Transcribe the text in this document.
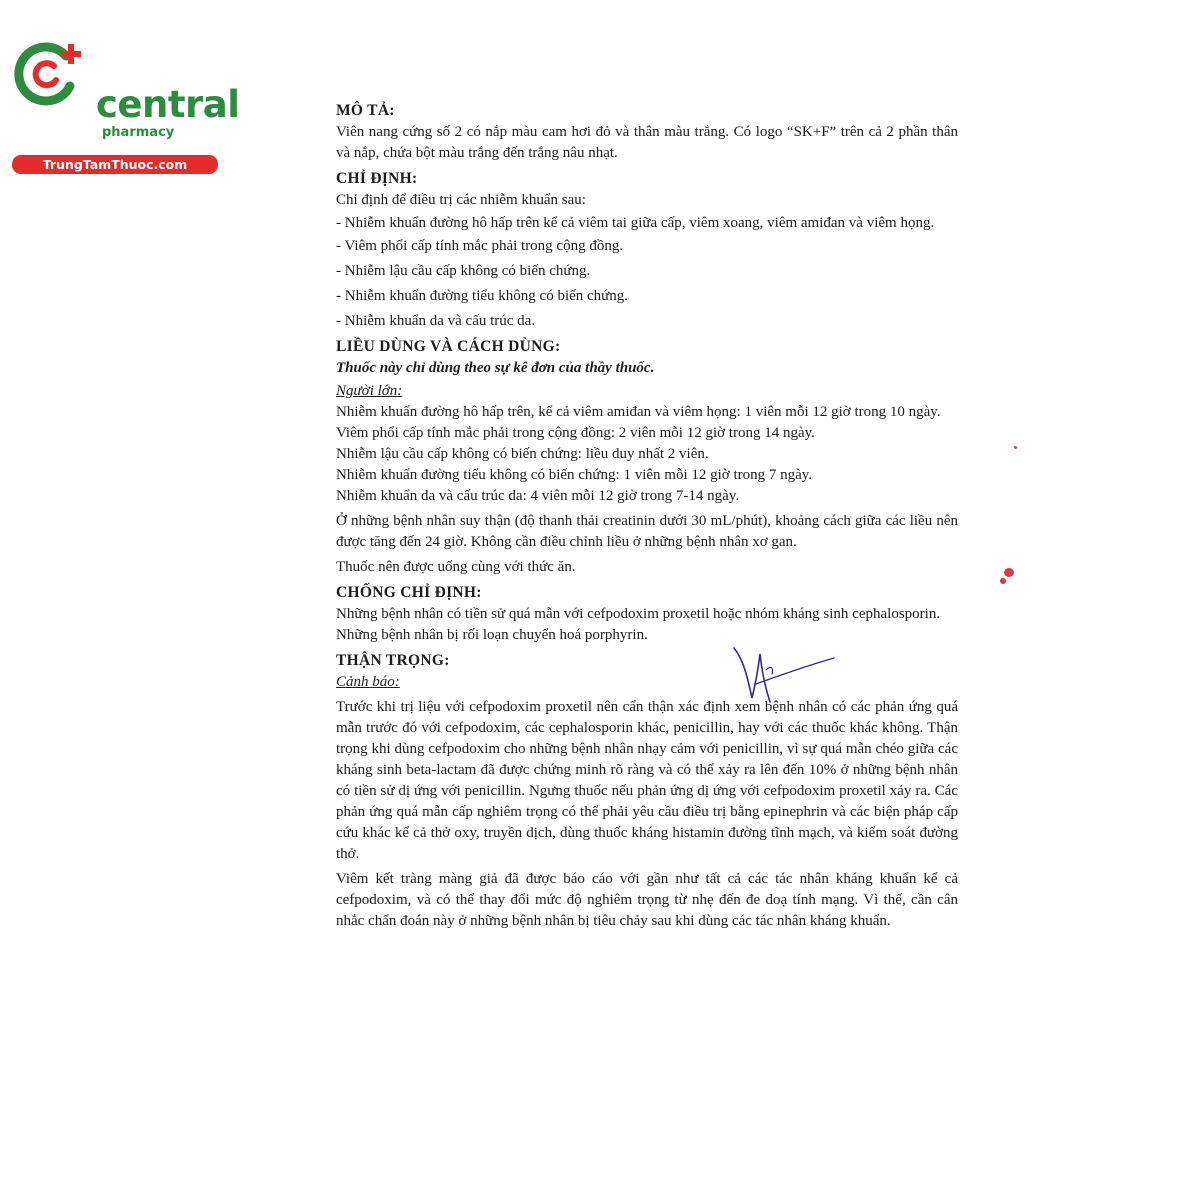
central
pharmacy
TrungTamThuoc.com

MÔ TẢ:

Viên nang cứng số 2 có nắp màu cam hơi đỏ và thân màu trắng. Có logo “SK+F” trên cả 2 phần thân và nắp, chứa bột màu trắng đến trắng nâu nhạt.

CHỈ ĐỊNH:

Chỉ định để điều trị các nhiễm khuẩn sau:

- Nhiễm khuẩn đường hô hấp trên kể cả viêm tai giữa cấp, viêm xoang, viêm amiđan và viêm họng.

- Viêm phổi cấp tính mắc phải trong cộng đồng.

- Nhiễm lậu cầu cấp không có biến chứng.

- Nhiễm khuẩn đường tiểu không có biến chứng.

- Nhiễm khuẩn da và cấu trúc da.

LIỀU DÙNG VÀ CÁCH DÙNG:

Thuốc này chỉ dùng theo sự kê đơn của thầy thuốc.

Người lớn:

Nhiễm khuẩn đường hô hấp trên, kể cả viêm amiđan và viêm họng: 1 viên mỗi 12 giờ trong 10 ngày.

Viêm phổi cấp tính mắc phải trong cộng đồng: 2 viên mỗi 12 giờ trong 14 ngày.

Nhiễm lậu cầu cấp không có biến chứng: liều duy nhất 2 viên.

Nhiễm khuẩn đường tiểu không có biến chứng: 1 viên mỗi 12 giờ trong 7 ngày.

Nhiễm khuẩn da và cấu trúc da: 4 viên mỗi 12 giờ trong 7-14 ngày.

Ở những bệnh nhân suy thận (độ thanh thải creatinin dưới 30 mL/phút), khoảng cách giữa các liều nên được tăng đến 24 giờ. Không cần điều chỉnh liều ở những bệnh nhân xơ gan.

Thuốc nên được uống cùng với thức ăn.

CHỐNG CHỈ ĐỊNH:

Những bệnh nhân có tiền sử quá mẫn với cefpodoxim proxetil hoặc nhóm kháng sinh cephalosporin.

Những bệnh nhân bị rối loạn chuyển hoá porphyrin.

THẬN TRỌNG:

Cảnh báo:

Trước khi trị liệu với cefpodoxim proxetil nên cẩn thận xác định xem bệnh nhân có các phản ứng quá mẫn trước đó với cefpodoxim, các cephalosporin khác, penicillin, hay với các thuốc khác không. Thận trọng khi dùng cefpodoxim cho những bệnh nhân nhạy cảm với penicillin, vì sự quá mẫn chéo giữa các kháng sinh beta-lactam đã được chứng minh rõ ràng và có thể xảy ra lên đến 10% ở những bệnh nhân có tiền sử dị ứng với penicillin. Ngưng thuốc nếu phản ứng dị ứng với cefpodoxim proxetil xảy ra. Các phản ứng quá mẫn cấp nghiêm trọng có thể phải yêu cầu điều trị bằng epinephrin và các biện pháp cấp cứu khác kể cả thở oxy, truyền dịch, dùng thuốc kháng histamin đường tĩnh mạch, và kiểm soát đường thở.

Viêm kết tràng màng giả đã được báo cáo với gần như tất cả các tác nhân kháng khuẩn kể cả cefpodoxim, và có thể thay đổi mức độ nghiêm trọng từ nhẹ đến đe doạ tính mạng. Vì thế, cần cân nhắc chẩn đoán này ở những bệnh nhân bị tiêu chảy sau khi dùng các tác nhân kháng khuẩn.
